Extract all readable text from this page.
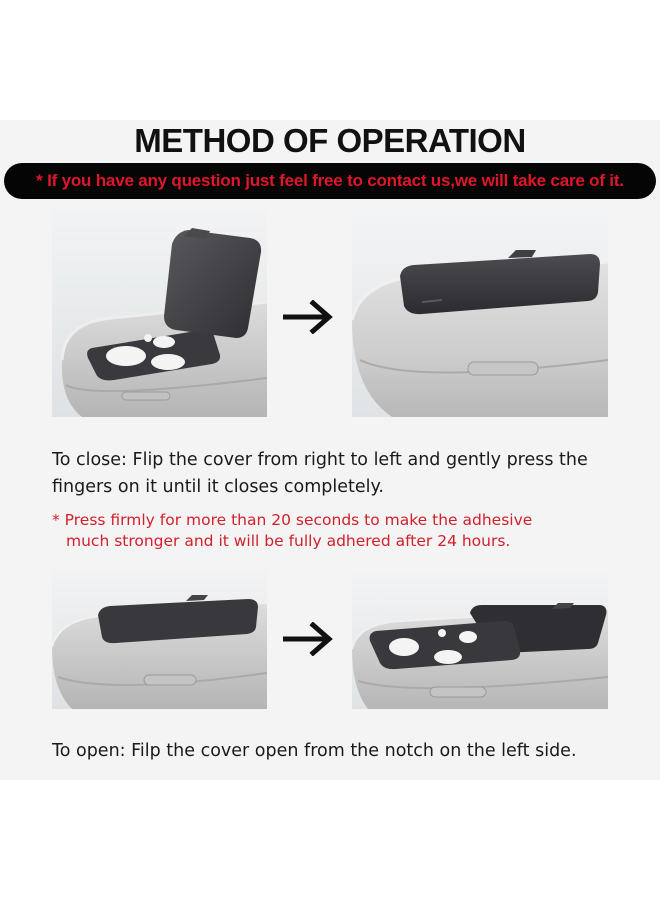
METHOD OF OPERATION
* If you have any question just feel free to contact us,we will take care of it.
To close: Flip the cover from right to left and gently press the
fingers on it until it closes completely.
* Press firmly for more than 20 seconds to make the adhesive
much stronger and it will be fully adhered after 24 hours.
To open: Filp the cover open from the notch on the left side.
